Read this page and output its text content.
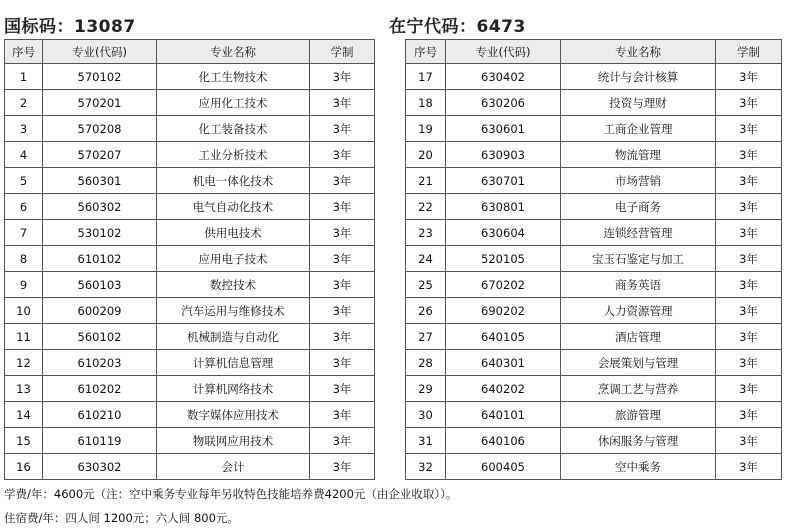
国标码：13087	在宁代码：6473
序号	专业(代码)	专业名称	学制
1	570102	化工生物技术	3年
2	570201	应用化工技术	3年
3	570208	化工装备技术	3年
4	570207	工业分析技术	3年
5	560301	机电一体化技术	3年
6	560302	电气自动化技术	3年
7	530102	供用电技术	3年
8	610102	应用电子技术	3年
9	560103	数控技术	3年
10	600209	汽车运用与维修技术	3年
11	560102	机械制造与自动化	3年
12	610203	计算机信息管理	3年
13	610202	计算机网络技术	3年
14	610210	数字媒体应用技术	3年
15	610119	物联网应用技术	3年
16	630302	会计	3年
序号	专业(代码)	专业名称	学制
17	630402	统计与会计核算	3年
18	630206	投资与理财	3年
19	630601	工商企业管理	3年
20	630903	物流管理	3年
21	630701	市场营销	3年
22	630801	电子商务	3年
23	630604	连锁经营管理	3年
24	520105	宝玉石鉴定与加工	3年
25	670202	商务英语	3年
26	690202	人力资源管理	3年
27	640105	酒店管理	3年
28	640301	会展策划与管理	3年
29	640202	烹调工艺与营养	3年
30	640101	旅游管理	3年
31	640106	休闲服务与管理	3年
32	600405	空中乘务	3年
学费/年：4600元（注：空中乘务专业每年另收特色技能培养费4200元（由企业收取））。
住宿费/年：四人间 1200元；六人间 800元。
